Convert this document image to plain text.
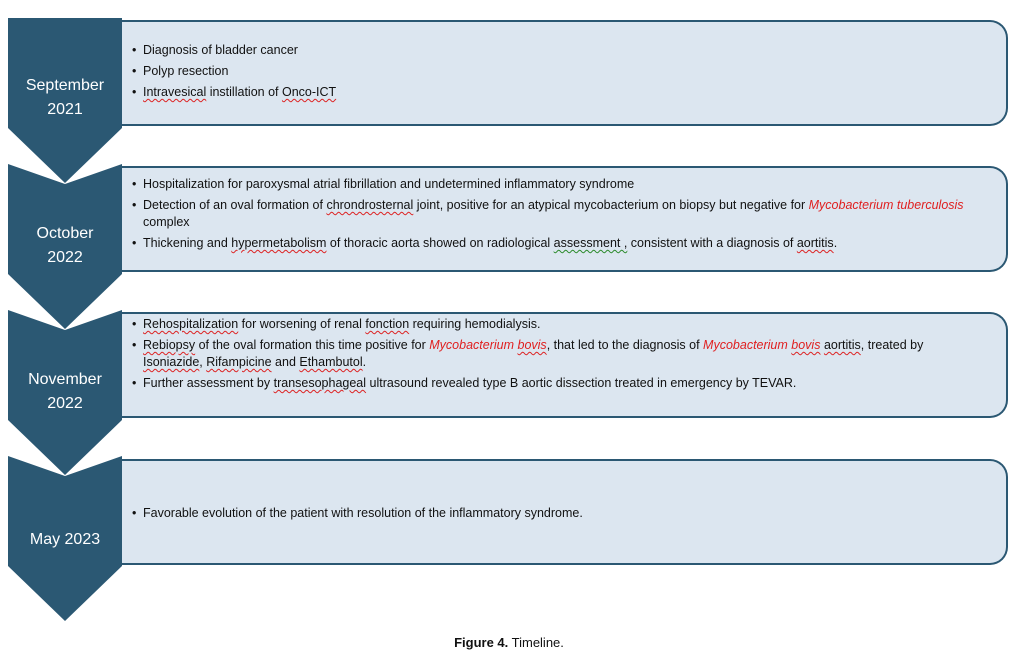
September
2021
• Diagnosis of bladder cancer
• Polyp resection
• Intravesical instillation of Onco-ICT
October
2022
• Hospitalization for paroxysmal atrial fibrillation and undetermined inflammatory syndrome
• Detection of an oval formation of chrondrosternal joint, positive for an atypical mycobacterium on biopsy but negative for Mycobacterium tuberculosis complex
• Thickening and hypermetabolism of thoracic aorta showed on radiological assessment , consistent with a diagnosis of aortitis.
November
2022
• Rehospitalization for worsening of renal fonction requiring hemodialysis.
• Rebiopsy of the oval formation this time positive for Mycobacterium bovis, that led to the diagnosis of Mycobacterium bovis aortitis, treated by Isoniazide, Rifampicine and Ethambutol.
• Further assessment by transesophageal ultrasound revealed type B aortic dissection treated in emergency by TEVAR.
May 2023
• Favorable evolution of the patient with resolution of the inflammatory syndrome.
Figure 4. Timeline.
